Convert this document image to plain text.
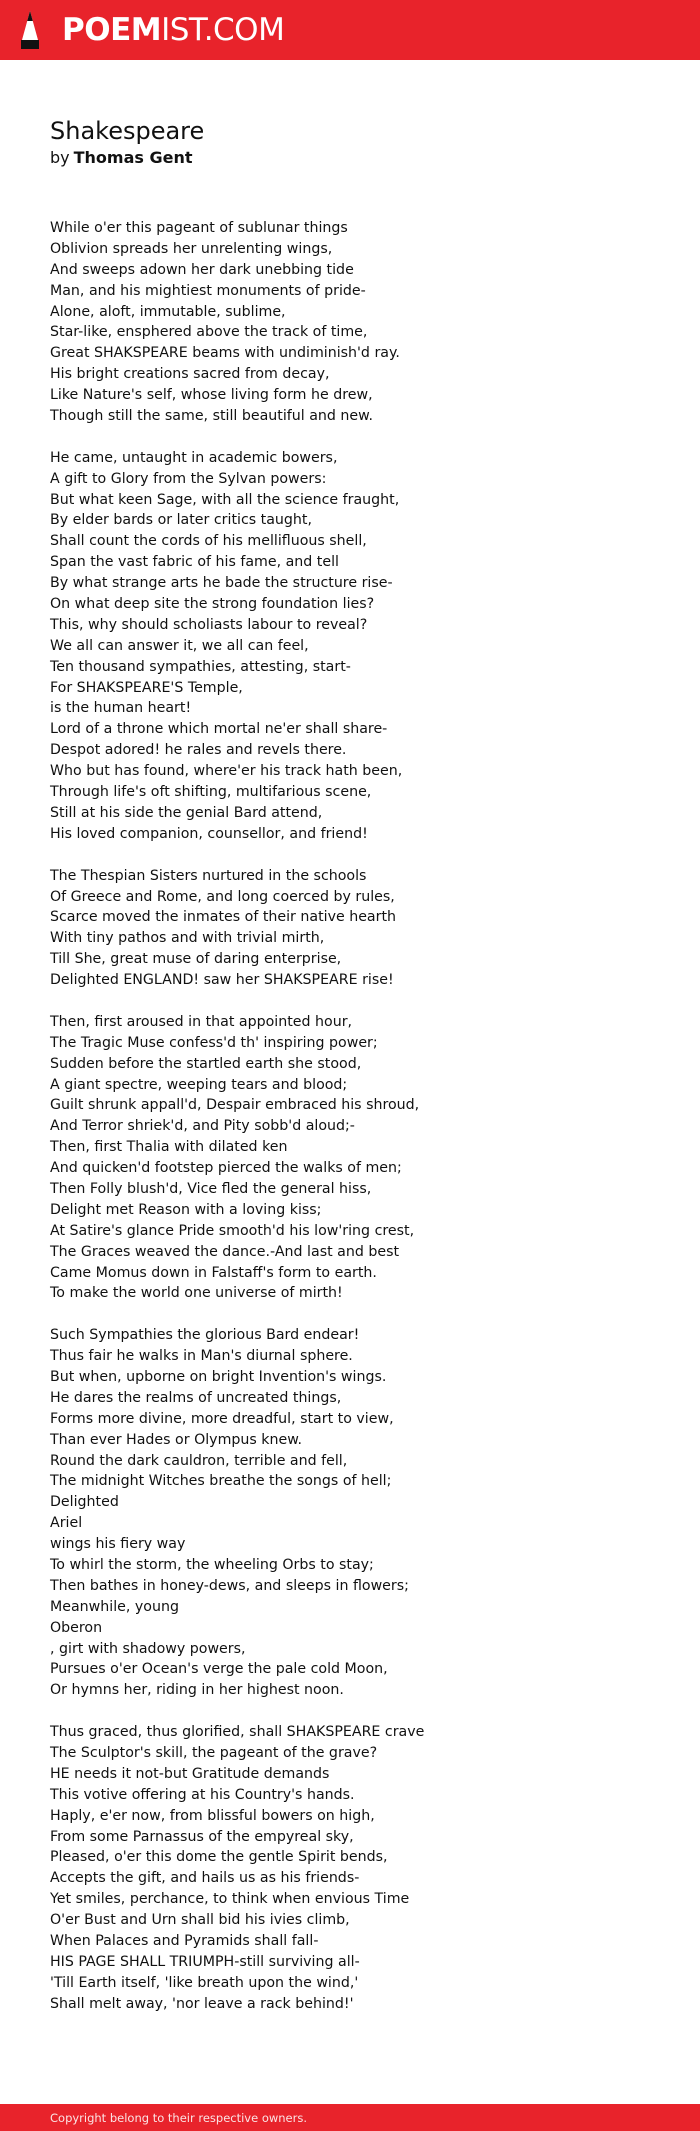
POEMIST.COM
Shakespeare
by Thomas Gent
While o'er this pageant of sublunar things
Oblivion spreads her unrelenting wings,
And sweeps adown her dark unebbing tide
Man, and his mightiest monuments of pride-
Alone, aloft, immutable, sublime,
Star-like, ensphered above the track of time,
Great SHAKSPEARE beams with undiminish'd ray.
His bright creations sacred from decay,
Like Nature's self, whose living form he drew,
Though still the same, still beautiful and new.
He came, untaught in academic bowers,
A gift to Glory from the Sylvan powers:
But what keen Sage, with all the science fraught,
By elder bards or later critics taught,
Shall count the cords of his mellifluous shell,
Span the vast fabric of his fame, and tell
By what strange arts he bade the structure rise-
On what deep site the strong foundation lies?
This, why should scholiasts labour to reveal?
We all can answer it, we all can feel,
Ten thousand sympathies, attesting, start-
For SHAKSPEARE'S Temple,
is the human heart!
Lord of a throne which mortal ne'er shall share-
Despot adored! he rales and revels there.
Who but has found, where'er his track hath been,
Through life's oft shifting, multifarious scene,
Still at his side the genial Bard attend,
His loved companion, counsellor, and friend!
The Thespian Sisters nurtured in the schools
Of Greece and Rome, and long coerced by rules,
Scarce moved the inmates of their native hearth
With tiny pathos and with trivial mirth,
Till She, great muse of daring enterprise,
Delighted ENGLAND! saw her SHAKSPEARE rise!
Then, first aroused in that appointed hour,
The Tragic Muse confess'd th' inspiring power;
Sudden before the startled earth she stood,
A giant spectre, weeping tears and blood;
Guilt shrunk appall'd, Despair embraced his shroud,
And Terror shriek'd, and Pity sobb'd aloud;-
Then, first Thalia with dilated ken
And quicken'd footstep pierced the walks of men;
Then Folly blush'd, Vice fled the general hiss,
Delight met Reason with a loving kiss;
At Satire's glance Pride smooth'd his low'ring crest,
The Graces weaved the dance.-And last and best
Came Momus down in Falstaff's form to earth.
To make the world one universe of mirth!
Such Sympathies the glorious Bard endear!
Thus fair he walks in Man's diurnal sphere.
But when, upborne on bright Invention's wings.
He dares the realms of uncreated things,
Forms more divine, more dreadful, start to view,
Than ever Hades or Olympus knew.
Round the dark cauldron, terrible and fell,
The midnight Witches breathe the songs of hell;
Delighted
Ariel
wings his fiery way
To whirl the storm, the wheeling Orbs to stay;
Then bathes in honey-dews, and sleeps in flowers;
Meanwhile, young
Oberon
, girt with shadowy powers,
Pursues o'er Ocean's verge the pale cold Moon,
Or hymns her, riding in her highest noon.
Thus graced, thus glorified, shall SHAKSPEARE crave
The Sculptor's skill, the pageant of the grave?
HE needs it not-but Gratitude demands
This votive offering at his Country's hands.
Haply, e'er now, from blissful bowers on high,
From some Parnassus of the empyreal sky,
Pleased, o'er this dome the gentle Spirit bends,
Accepts the gift, and hails us as his friends-
Yet smiles, perchance, to think when envious Time
O'er Bust and Urn shall bid his ivies climb,
When Palaces and Pyramids shall fall-
HIS PAGE SHALL TRIUMPH-still surviving all-
'Till Earth itself, 'like breath upon the wind,'
Shall melt away, 'nor leave a rack behind!'
Copyright belong to their respective owners.
